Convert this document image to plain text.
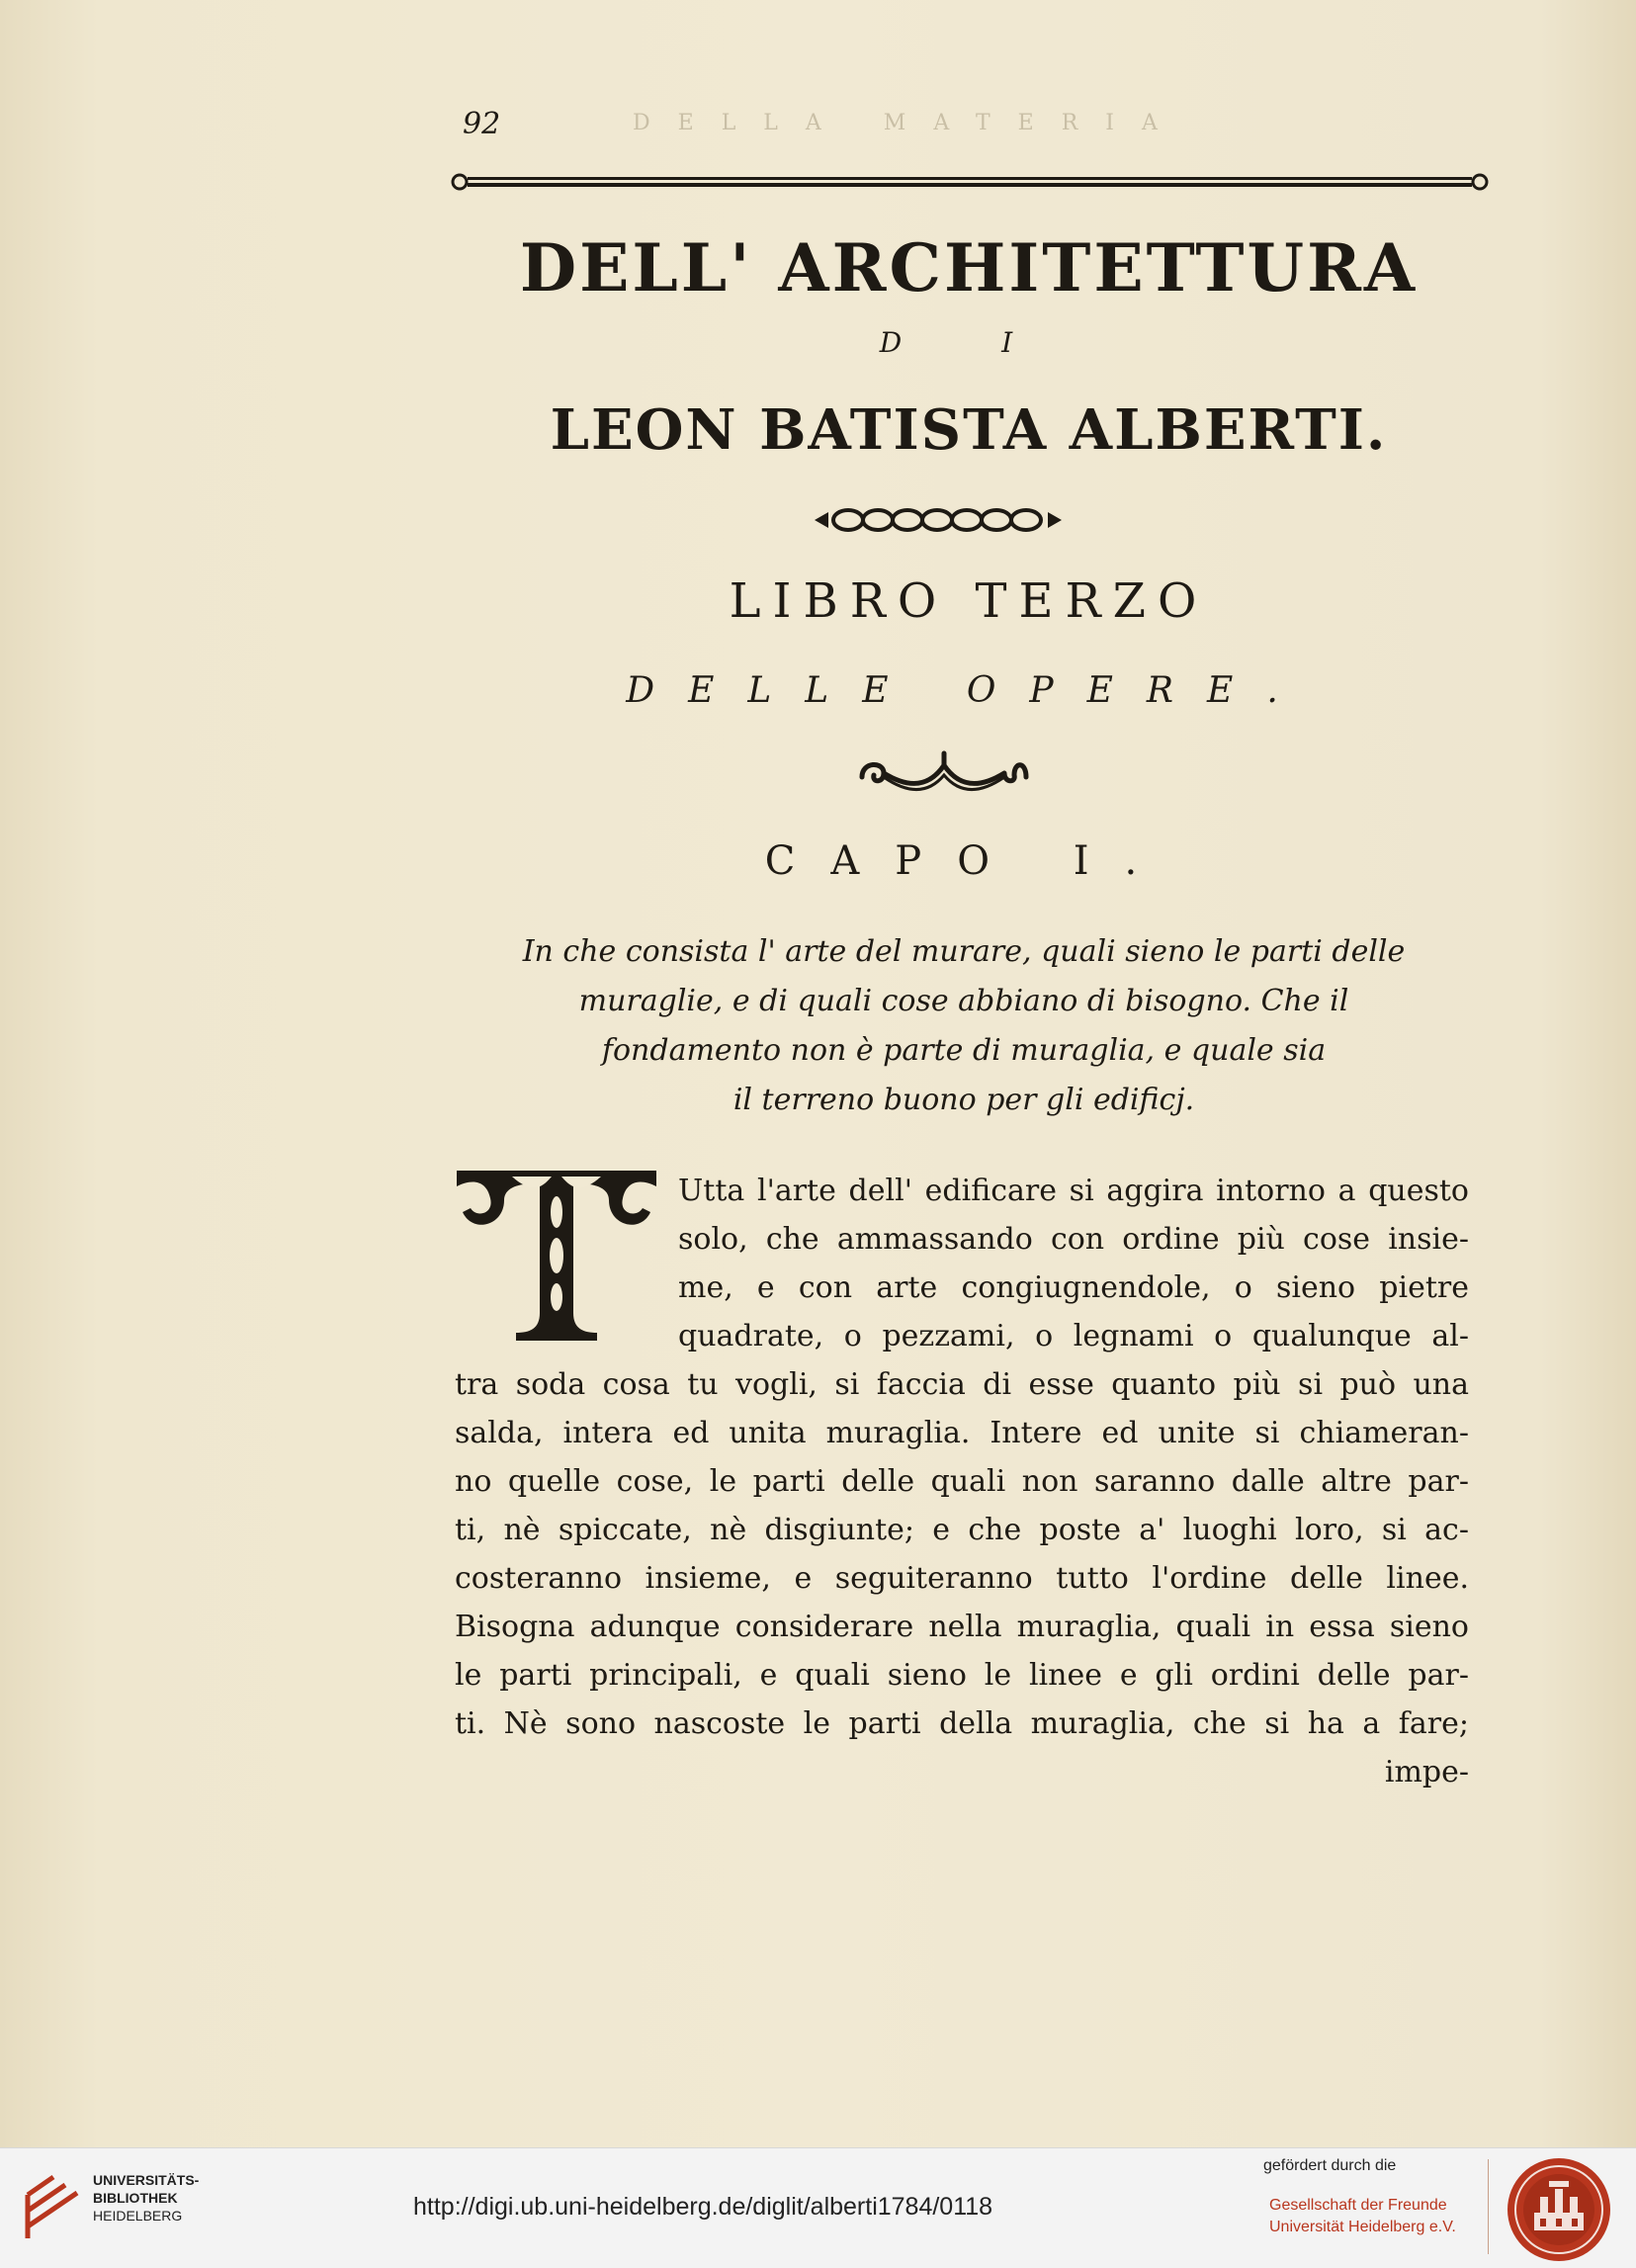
92	DELLA MATERIA
DELL' ARCHITETTURA
D I
LEON BATISTA ALBERTI.
LIBRO TERZO
DELLE OPERE.
CAPO I.
In che consista l' arte del murare, quali sieno le parti delle
muraglie, e di quali cose abbiano di bisogno. Che il
fondamento non è parte di muraglia, e quale sia
il terreno buono per gli edificj.
Utta l'arte dell' edificare si aggira intorno a questo
solo, che ammassando con ordine più cose insie-
me, e con arte congiugnendole, o sieno pietre
quadrate, o pezzami, o legnami o qualunque al-
tra soda cosa tu vogli, si faccia di esse quanto più si può una
salda, intera ed unita muraglia. Intere ed unite si chiameran-
no quelle cose, le parti delle quali non saranno dalle altre par-
ti, nè spiccate, nè disgiunte; e che poste a' luoghi loro, si ac-
costeranno insieme, e seguiteranno tutto l'ordine delle linee.
Bisogna adunque considerare nella muraglia, quali in essa sieno
le parti principali, e quali sieno le linee e gli ordini delle par-
ti. Nè sono nascoste le parti della muraglia, che si ha a fare;
impe-
UNIVERSITÄTS-
BIBLIOTHEK
HEIDELBERG	http://digi.ub.uni-heidelberg.de/diglit/alberti1784/0118
gefördert durch die
Gesellschaft der Freunde
Universität Heidelberg e.V.
